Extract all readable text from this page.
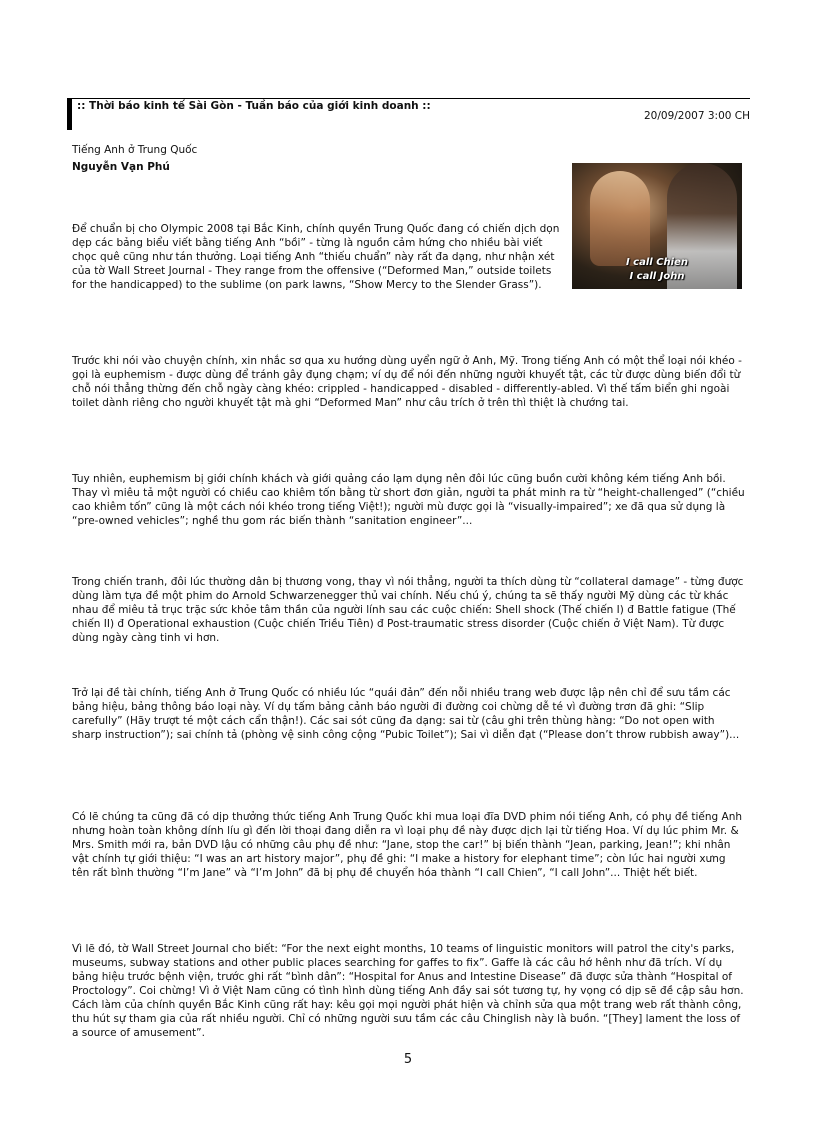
:: Thời báo kinh tế Sài Gòn - Tuần báo của giới kinh doanh ::
20/09/2007 3:00 CH
Tiếng Anh ở Trung Quốc
Nguyễn Vạn Phú
I call Chien
I call John

Để chuẩn bị cho Olympic 2008 tại Bắc Kinh, chính quyền Trung Quốc đang có chiến dịch dọn dẹp các bảng biểu viết bằng tiếng Anh “bồi” - từng là nguồn cảm hứng cho nhiều bài viết chọc quê cũng như tán thưởng. Loại tiếng Anh “thiếu chuẩn” này rất đa dạng, như nhận xét của tờ Wall Street Journal - They range from the offensive (“Deformed Man,” outside toilets for the handicapped) to the sublime (on park lawns, “Show Mercy to the Slender Grass”).

Trước khi nói vào chuyện chính, xin nhắc sơ qua xu hướng dùng uyển ngữ ở Anh, Mỹ. Trong tiếng Anh có một thể loại nói khéo - gọi là euphemism - được dùng để tránh gây đụng chạm; ví dụ để nói đến những người khuyết tật, các từ được dùng biến đổi từ chỗ nói thẳng thừng đến chỗ ngày càng khéo: crippled - handicapped - disabled - differently-abled. Vì thế tấm biển ghi ngoài toilet dành riêng cho người khuyết tật mà ghi “Deformed Man” như câu trích ở trên thì thiệt là chướng tai.

Tuy nhiên, euphemism bị giới chính khách và giới quảng cáo lạm dụng nên đôi lúc cũng buồn cười không kém tiếng Anh bồi. Thay vì miêu tả một người có chiều cao khiêm tốn bằng từ short đơn giản, người ta phát minh ra từ “height-challenged” (“chiều cao khiêm tốn” cũng là một cách nói khéo trong tiếng Việt!); người mù được gọi là “visually-impaired”; xe đã qua sử dụng là “pre-owned vehicles”; nghề thu gom rác biến thành “sanitation engineer”...

Trong chiến tranh, đôi lúc thường dân bị thương vong, thay vì nói thẳng, người ta thích dùng từ “collateral damage” - từng được dùng làm tựa đề một phim do Arnold Schwarzenegger thủ vai chính. Nếu chú ý, chúng ta sẽ thấy người Mỹ dùng các từ khác nhau để miêu tả trục trặc sức khỏe tâm thần của người lính sau các cuộc chiến: Shell shock (Thế chiến I) đ Battle fatigue (Thế chiến II) đ Operational exhaustion (Cuộc chiến Triều Tiên) đ Post-traumatic stress disorder (Cuộc chiến ở Việt Nam). Từ được dùng ngày càng tinh vi hơn.

Trở lại đề tài chính, tiếng Anh ở Trung Quốc có nhiều lúc “quái đản” đến nỗi nhiều trang web được lập nên chỉ để sưu tầm các bảng hiệu, bảng thông báo loại này. Ví dụ tấm bảng cảnh báo người đi đường coi chừng dễ té vì đường trơn đã ghi: “Slip carefully” (Hãy trượt té một cách cẩn thận!). Các sai sót cũng đa dạng: sai từ (câu ghi trên thùng hàng: “Do not open with sharp instruction”); sai chính tả (phòng vệ sinh công cộng “Pubic Toilet”); Sai vì diễn đạt (“Please don’t throw rubbish away”)...

Có lẽ chúng ta cũng đã có dịp thưởng thức tiếng Anh Trung Quốc khi mua loại đĩa DVD phim nói tiếng Anh, có phụ đề tiếng Anh nhưng hoàn toàn không dính líu gì đến lời thoại đang diễn ra vì loại phụ đề này được dịch lại từ tiếng Hoa. Ví dụ lúc phim Mr. & Mrs. Smith mới ra, bản DVD lậu có những câu phụ đề như: “Jane, stop the car!” bị biến thành “Jean, parking, Jean!”; khi nhân vật chính tự giới thiệu: “I was an art history major”, phụ đề ghi: “I make a history for elephant time”; còn lúc hai người xưng tên rất bình thường “I’m Jane” và “I’m John” đã bị phụ đề chuyển hóa thành “I call Chien”, “I call John”... Thiệt hết biết.

Vì lẽ đó, tờ Wall Street Journal cho biết: “For the next eight months, 10 teams of linguistic monitors will patrol the city's parks, museums, subway stations and other public places searching for gaffes to fix”. Gaffe là các câu hớ hênh như đã trích. Ví dụ bảng hiệu trước bệnh viện, trước ghi rất “bình dân”: “Hospital for Anus and Intestine Disease” đã được sửa thành “Hospital of Proctology”. Coi chừng! Vì ở Việt Nam cũng có tình hình dùng tiếng Anh đầy sai sót tương tự, hy vọng có dịp sẽ đề cập sâu hơn. Cách làm của chính quyền Bắc Kinh cũng rất hay: kêu gọi mọi người phát hiện và chỉnh sửa qua một trang web rất thành công, thu hút sự tham gia của rất nhiều người. Chỉ có những người sưu tầm các câu Chinglish này là buồn. “[They] lament the loss of a source of amusement”.

5
